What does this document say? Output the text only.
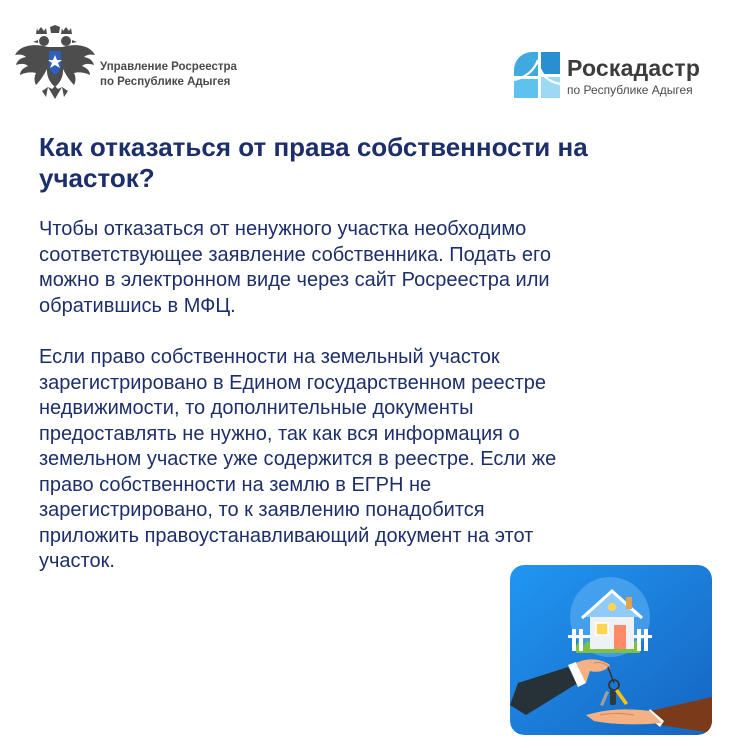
Управление Росреестра
по Республике Адыгея
Роскадастр
по Республике Адыгея
Как отказаться от права собственности на
участок?
Чтобы отказаться от ненужного участка необходимо
соответствующее заявление собственника. Подать его
можно в электронном виде через сайт Росреестра или
обратившись в МФЦ.
Если право собственности на земельный участок
зарегистрировано в Едином государственном реестре
недвижимости, то дополнительные документы
предоставлять не нужно, так как вся информация о
земельном участке уже содержится в реестре. Если же
право собственности на землю в ЕГРН не
зарегистрировано, то к заявлению понадобится
приложить правоустанавливающий документ на этот
участок.
